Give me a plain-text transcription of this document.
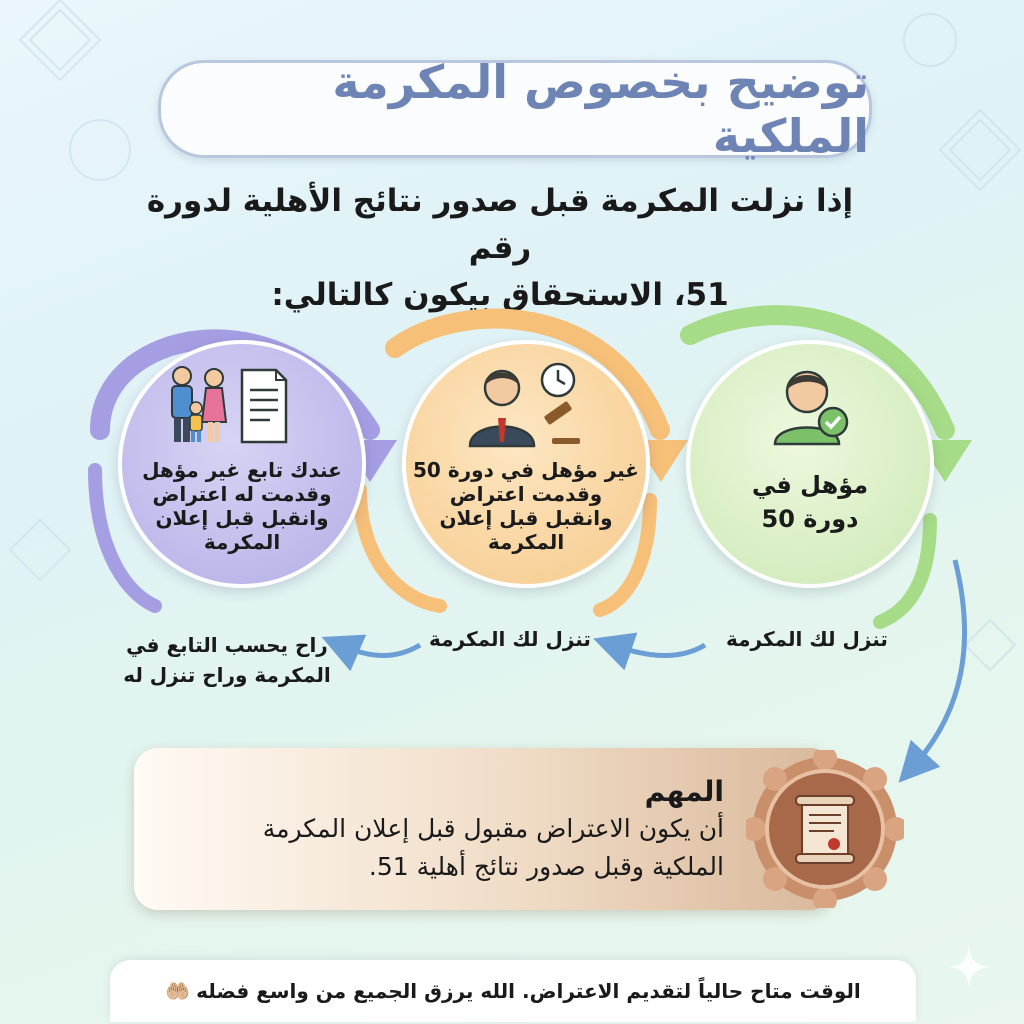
توضيح بخصوص المكرمة الملكية
إذا نزلت المكرمة قبل صدور نتائج الأهلية لدورة رقم
51، الاستحقاق بيكون كالتالي:
مؤهل في
دورة 50
غير مؤهل في دورة 50
وقدمت اعتراض
وانقبل قبل إعلان
المكرمة
عندك تابع غير مؤهل
وقدمت له اعتراض
وانقبل قبل إعلان
المكرمة
تنزل لك المكرمة
تنزل لك المكرمة
راح يحسب التابع في
المكرمة وراح تنزل له
المهم
أن يكون الاعتراض مقبول قبل إعلان المكرمة
الملكية وقبل صدور نتائج أهلية 51.
الوقت متاح حالياً لتقديم الاعتراض. الله يرزق الجميع من واسع فضله
🤲🏼
